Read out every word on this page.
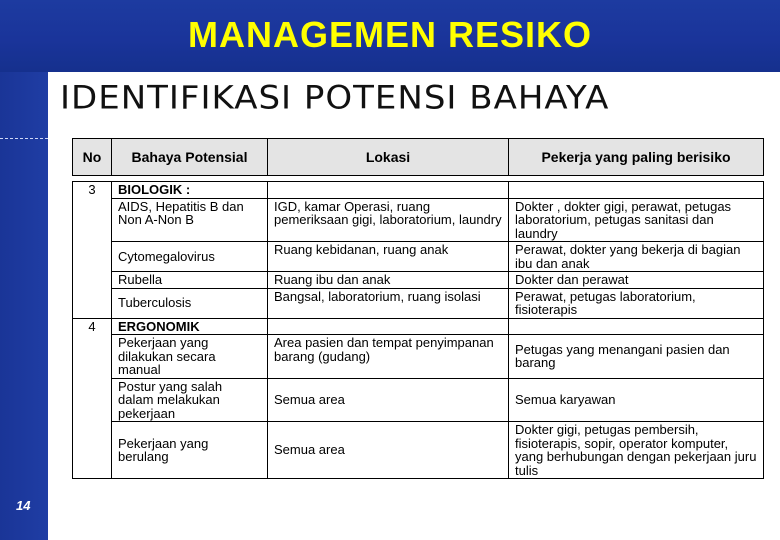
MANAGEMEN RESIKO
14
IDENTIFIKASI POTENSI BAHAYA
No	Bahaya Potensial	Lokasi	Pekerja yang paling berisiko

3	BIOLOGIK :		
	AIDS, Hepatitis B dan Non A-Non B	IGD, kamar Operasi, ruang pemeriksaan gigi, laboratorium, laundry	Dokter , dokter gigi, perawat, petugas laboratorium, petugas sanitasi dan laundry
	Cytomegalovirus	Ruang kebidanan, ruang anak	Perawat, dokter yang bekerja di bagian ibu dan anak
	Rubella	Ruang ibu dan anak	Dokter dan perawat
	Tuberculosis	Bangsal, laboratorium, ruang isolasi	Perawat, petugas laboratorium, fisioterapis
4	ERGONOMIK		
	Pekerjaan yang dilakukan secara manual	Area pasien dan tempat penyimpanan barang (gudang)	Petugas yang menangani pasien dan barang
	Postur yang salah dalam melakukan pekerjaan	Semua area	Semua karyawan
	Pekerjaan yang berulang	Semua area	Dokter gigi, petugas pembersih, fisioterapis, sopir, operator komputer, yang berhubungan dengan pekerjaan juru tulis
